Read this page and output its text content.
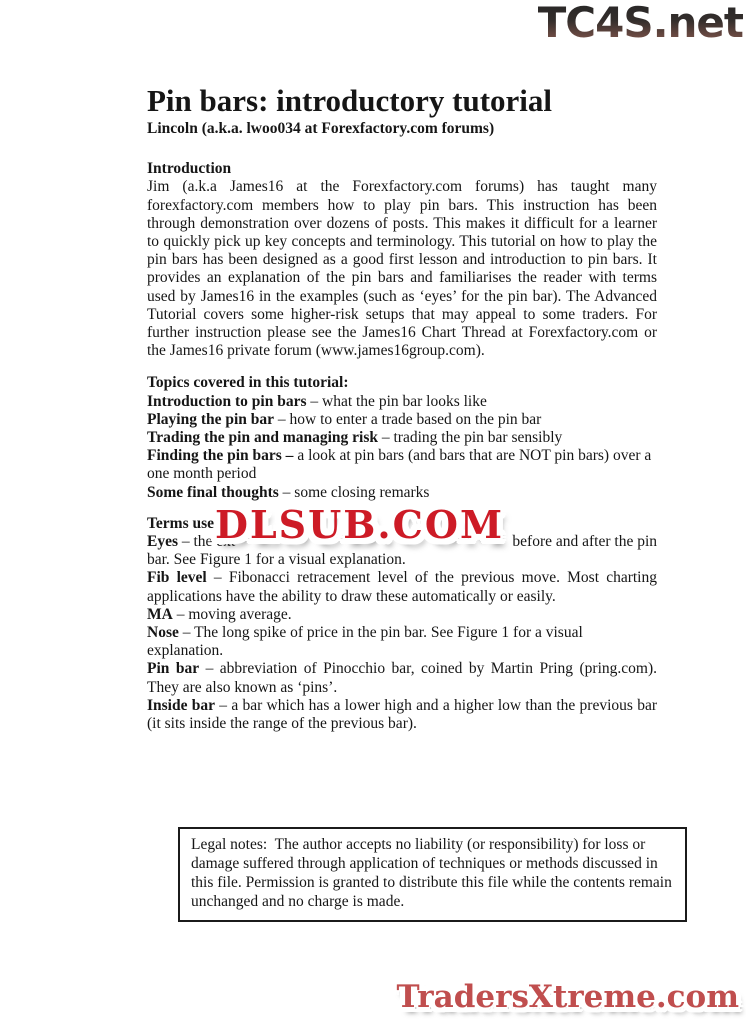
TC4S.net
Pin bars: introductory tutorial
Lincoln (a.k.a. lwoo034 at Forexfactory.com forums)
Introduction

Jim (a.k.a James16 at the Forexfactory.com forums) has taught many forexfactory.com members how to play pin bars. This instruction has been through demonstration over dozens of posts. This makes it difficult for a learner to quickly pick up key concepts and terminology. This tutorial on how to play the pin bars has been designed as a good first lesson and introduction to pin bars. It provides an explanation of the pin bars and familiarises the reader with terms used by James16 in the examples (such as ‘eyes’ for the pin bar). The Advanced Tutorial covers some higher-risk setups that may appeal to some traders. For further instruction please see the James16 Chart Thread at Forexfactory.com or the James16 private forum (www.james16group.com).

Topics covered in this tutorial:

Introduction to pin bars – what the pin bar looks like

Playing the pin bar – how to enter a trade based on the pin bar

Trading the pin and managing risk – trading the pin bar sensibly

Finding the pin bars – a look at pin bars (and bars that are NOT pin bars) over a one month period

Some final thoughts – some closing remarks

DLSUB.COM
Terms used in
Eyes – the ext	before and after the pin
bar. See Figure 1 for a visual explanation.

Fib level – Fibonacci retracement level of the previous move. Most charting applications have the ability to draw these automatically or easily.

MA – moving average.

Nose – The long spike of price in the pin bar. See Figure 1 for a visual explanation.

Pin bar – abbreviation of Pinocchio bar, coined by Martin Pring (pring.com). They are also known as ‘pins’.

Inside bar – a bar which has a lower high and a higher low than the previous bar (it sits inside the range of the previous bar).

Legal notes:  The author accepts no liability (or responsibility) for loss or damage suffered through application of techniques or methods discussed in this file. Permission is granted to distribute this file while the contents remain unchanged and no charge is made.
TradersXtreme.com
